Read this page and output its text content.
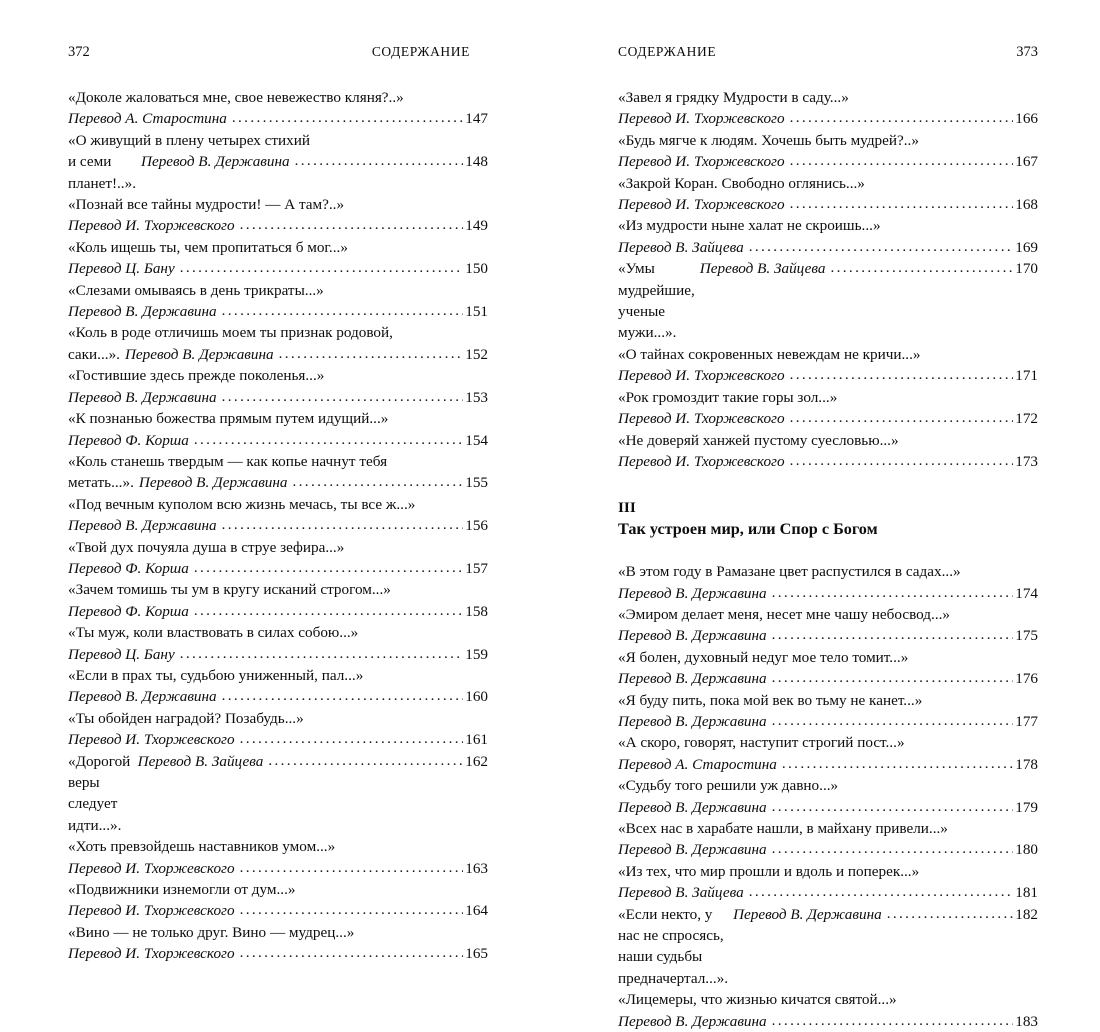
372	СОДЕРЖАНИЕ
«Доколе жаловаться мне, свое невежество кляня?..»
Перевод А. Старостина .....	147
«О живущий в плену четырех стихий
и семи планет!..».
Перевод В. Державина .....	148
«Познай все тайны мудрости! — А там?..»
Перевод И. Тхоржевского .....	149
«Коль ищешь ты, чем пропитаться б мог...»
Перевод Ц. Бану .....	150
«Слезами омываясь в день трикраты...»
Перевод В. Державина .....	151
«Коль в роде отличишь моем ты признак родовой,
саки...». Перевод В. Державина .....	152
«Гостившие здесь прежде поколенья...»
Перевод В. Державина .....	153
«К познанью божества прямым путем идущий...»
Перевод Ф. Корша .....	154
«Коль станешь твердым — как копье начнут тебя
метать...». Перевод В. Державина .....	155
«Под вечным куполом всю жизнь мечась, ты все ж...»
Перевод В. Державина .....	156
«Твой дух почуяла душа в струе зефира...»
Перевод Ф. Корша .....	157
«Зачем томишь ты ум в кругу исканий строгом...»
Перевод Ф. Корша .....	158
«Ты муж, коли властвовать в силах собою...»
Перевод Ц. Бану .....	159
«Если в прах ты, судьбою униженный, пал...»
Перевод В. Державина .....	160
«Ты обойден наградой? Позабудь...»
Перевод И. Тхоржевского .....	161
«Дорогой веры следует идти...».
Перевод В. Зайцева .....	162
«Хоть превзойдешь наставников умом...»
Перевод И. Тхоржевского .....	163
«Подвижники изнемогли от дум...»
Перевод И. Тхоржевского .....	164
«Вино — не только друг. Вино — мудрец...»
Перевод И. Тхоржевского .....	165
СОДЕРЖАНИЕ	373
«Завел я грядку Мудрости в саду...»
Перевод И. Тхоржевского .....	166
«Будь мягче к людям. Хочешь быть мудрей?..»
Перевод И. Тхоржевского .....	167
«Закрой Коран. Свободно оглянись...»
Перевод И. Тхоржевского .....	168
«Из мудрости ныне халат не скроишь...»
Перевод В. Зайцева .....	169
«Умы мудрейшие, ученые мужи...».
Перевод В. Зайцева .....	170
«О тайнах сокровенных невеждам не кричи...»
Перевод И. Тхоржевского .....	171
«Рок громоздит такие горы зол...»
Перевод И. Тхоржевского .....	172
«Не доверяй ханжей пустому суесловью...»
Перевод И. Тхоржевского .....	173
III
Так устроен мир, или Спор с Богом
«В этом году в Рамазане цвет распустился в садах...»
Перевод В. Державина .....	174
«Эмиром делает меня, несет мне чашу небосвод...»
Перевод В. Державина .....	175
«Я болен, духовный недуг мое тело томит...»
Перевод В. Державина .....	176
«Я буду пить, пока мой век во тьму не канет...»
Перевод В. Державина .....	177
«А скоро, говорят, наступит строгий пост...»
Перевод А. Старостина .....	178
«Судьбу того решили уж давно...»
Перевод В. Державина .....	179
«Всех нас в харабате нашли, в майхану привели...»
Перевод В. Державина .....	180
«Из тех, что мир прошли и вдоль и поперек...»
Перевод В. Зайцева .....	181
«Если некто, у нас не спросясь, наши судьбы предначертал...».
Перевод В. Державина .....	182
«Лицемеры, что жизнью кичатся святой...»
Перевод В. Державина .....	183
